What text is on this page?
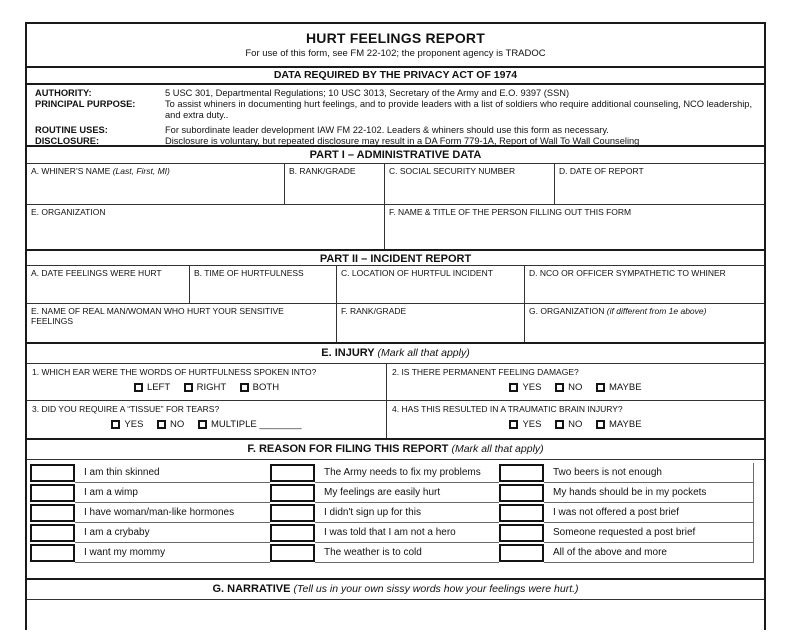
HURT FEELINGS REPORT
For use of this form, see FM 22-102; the proponent agency is TRADOC
DATA REQUIRED BY THE PRIVACY ACT OF 1974
AUTHORITY:	5 USC 301, Departmental Regulations; 10 USC 3013, Secretary of the Army and E.O. 9397 (SSN)
PRINCIPAL PURPOSE:	To assist whiners in documenting hurt feelings, and to provide leaders with a list of soldiers who require additional counseling, NCO leadership, and extra duty..
ROUTINE USES:	For subordinate leader development IAW FM 22-102. Leaders & whiners should use this form as necessary.
DISCLOSURE:	Disclosure is voluntary, but repeated disclosure may result in a DA Form 779-1A, Report of Wall To Wall Counseling
PART I – ADMINISTRATIVE DATA
A. WHINER’S NAME (Last, First, MI)	B. RANK/GRADE	C. SOCIAL SECURITY NUMBER	D. DATE OF REPORT
E. ORGANIZATION	F. NAME & TITLE OF THE PERSON FILLING OUT THIS FORM
PART II – INCIDENT REPORT
A. DATE FEELINGS WERE HURT	B. TIME OF HURTFULNESS	C. LOCATION OF HURTFUL INCIDENT	D. NCO OR OFFICER SYMPATHETIC TO WHINER
E. NAME OF REAL MAN/WOMAN WHO HURT YOUR SENSITIVE FEELINGS
F. RANK/GRADE	G. ORGANIZATION (if different from 1e above)
E. INJURY (Mark all that apply)
1. WHICH EAR WERE THE WORDS OF HURTFULNESS SPOKEN INTO?
LEFT	RIGHT	BOTH
2. IS THERE PERMANENT FEELING DAMAGE?
YES	NO	MAYBE
3. DID YOU REQUIRE A “TISSUE” FOR TEARS?
YES	NO	MULTIPLE ________
4. HAS THIS RESULTED IN A TRAUMATIC BRAIN INJURY?
YES	NO	MAYBE
F. REASON FOR FILING THIS REPORT (Mark all that apply)
I am thin skinned	The Army needs to fix my problems	Two beers is not enough
I am a wimp	My feelings are easily hurt	My hands should be in my pockets
I have woman/man-like hormones	I didn't sign up for this	I was not offered a post brief
I am a crybaby	I was told that I am not a hero	Someone requested a post brief
I want my mommy	The weather is to cold	All of the above and more
G. NARRATIVE (Tell us in your own sissy words how your feelings were hurt.)
